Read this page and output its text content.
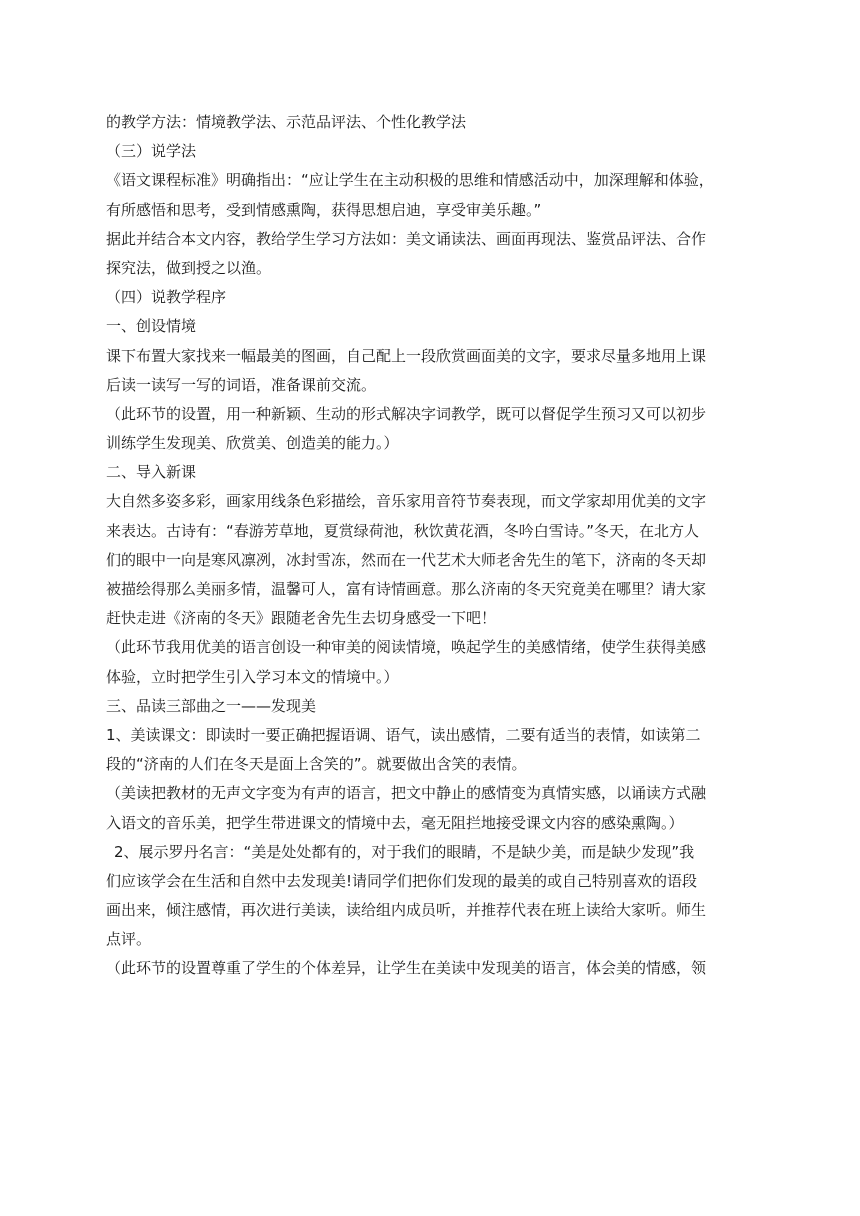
的教学方法：情境教学法、示范品评法、个性化教学法
（三）说学法
《语文课程标准》明确指出：“应让学生在主动积极的思维和情感活动中，加深理解和体验，
有所感悟和思考，受到情感熏陶，获得思想启迪，享受审美乐趣。”
据此并结合本文内容，教给学生学习方法如：美文诵读法、画面再现法、鉴赏品评法、合作
探究法，做到授之以渔。
（四）说教学程序
一、创设情境
课下布置大家找来一幅最美的图画，自己配上一段欣赏画面美的文字，要求尽量多地用上课
后读一读写一写的词语，准备课前交流。
（此环节的设置，用一种新颖、生动的形式解决字词教学，既可以督促学生预习又可以初步
训练学生发现美、欣赏美、创造美的能力。）
二、导入新课
大自然多姿多彩，画家用线条色彩描绘，音乐家用音符节奏表现，而文学家却用优美的文字
来表达。古诗有：“春游芳草地，夏赏绿荷池，秋饮黄花酒，冬吟白雪诗。”冬天，在北方人
们的眼中一向是寒风凛冽，冰封雪冻，然而在一代艺术大师老舍先生的笔下，济南的冬天却
被描绘得那么美丽多情，温馨可人，富有诗情画意。那么济南的冬天究竟美在哪里？请大家
赶快走进《济南的冬天》跟随老舍先生去切身感受一下吧！
（此环节我用优美的语言创设一种审美的阅读情境，唤起学生的美感情绪，使学生获得美感
体验，立时把学生引入学习本文的情境中。）
三、品读三部曲之一——发现美
1、美读课文：即读时一要正确把握语调、语气，读出感情，二要有适当的表情，如读第二
段的“济南的人们在冬天是面上含笑的”。就要做出含笑的表情。
（美读把教材的无声文字变为有声的语言，把文中静止的感情变为真情实感，以诵读方式融
入语文的音乐美，把学生带进课文的情境中去，毫无阻拦地接受课文内容的感染熏陶。）
2、展示罗丹名言：“美是处处都有的，对于我们的眼睛，不是缺少美，而是缺少发现”我
们应该学会在生活和自然中去发现美!请同学们把你们发现的最美的或自己特别喜欢的语段
画出来，倾注感情，再次进行美读，读给组内成员听，并推荐代表在班上读给大家听。师生
点评。
（此环节的设置尊重了学生的个体差异，让学生在美读中发现美的语言，体会美的情感，领
